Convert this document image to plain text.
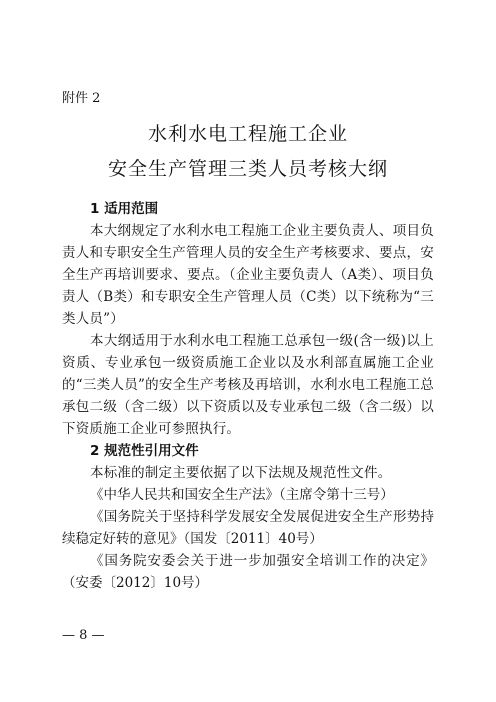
附件 2
水利水电工程施工企业
安全生产管理三类人员考核大纲

1 适用范围

本大纲规定了水利水电工程施工企业主要负责人、项目负责人和专职安全生产管理人员的安全生产考核要求、要点，安全生产再培训要求、要点。（企业主要负责人（A类）、项目负责人（B类）和专职安全生产管理人员（C类）以下统称为“三类人员”）

本大纲适用于水利水电工程施工总承包一级(含一级)以上资质、专业承包一级资质施工企业以及水利部直属施工企业的“三类人员”的安全生产考核及再培训，水利水电工程施工总承包二级（含二级）以下资质以及专业承包二级（含二级）以下资质施工企业可参照执行。

2 规范性引用文件

本标准的制定主要依据了以下法规及规范性文件。

《中华人民共和国安全生产法》（主席令第十三号）

《国务院关于坚持科学发展安全发展促进安全生产形势持续稳定好转的意见》（国发〔2011〕40号）

《国务院安委会关于进一步加强安全培训工作的决定》（安委〔2012〕10号）

— 8 —
